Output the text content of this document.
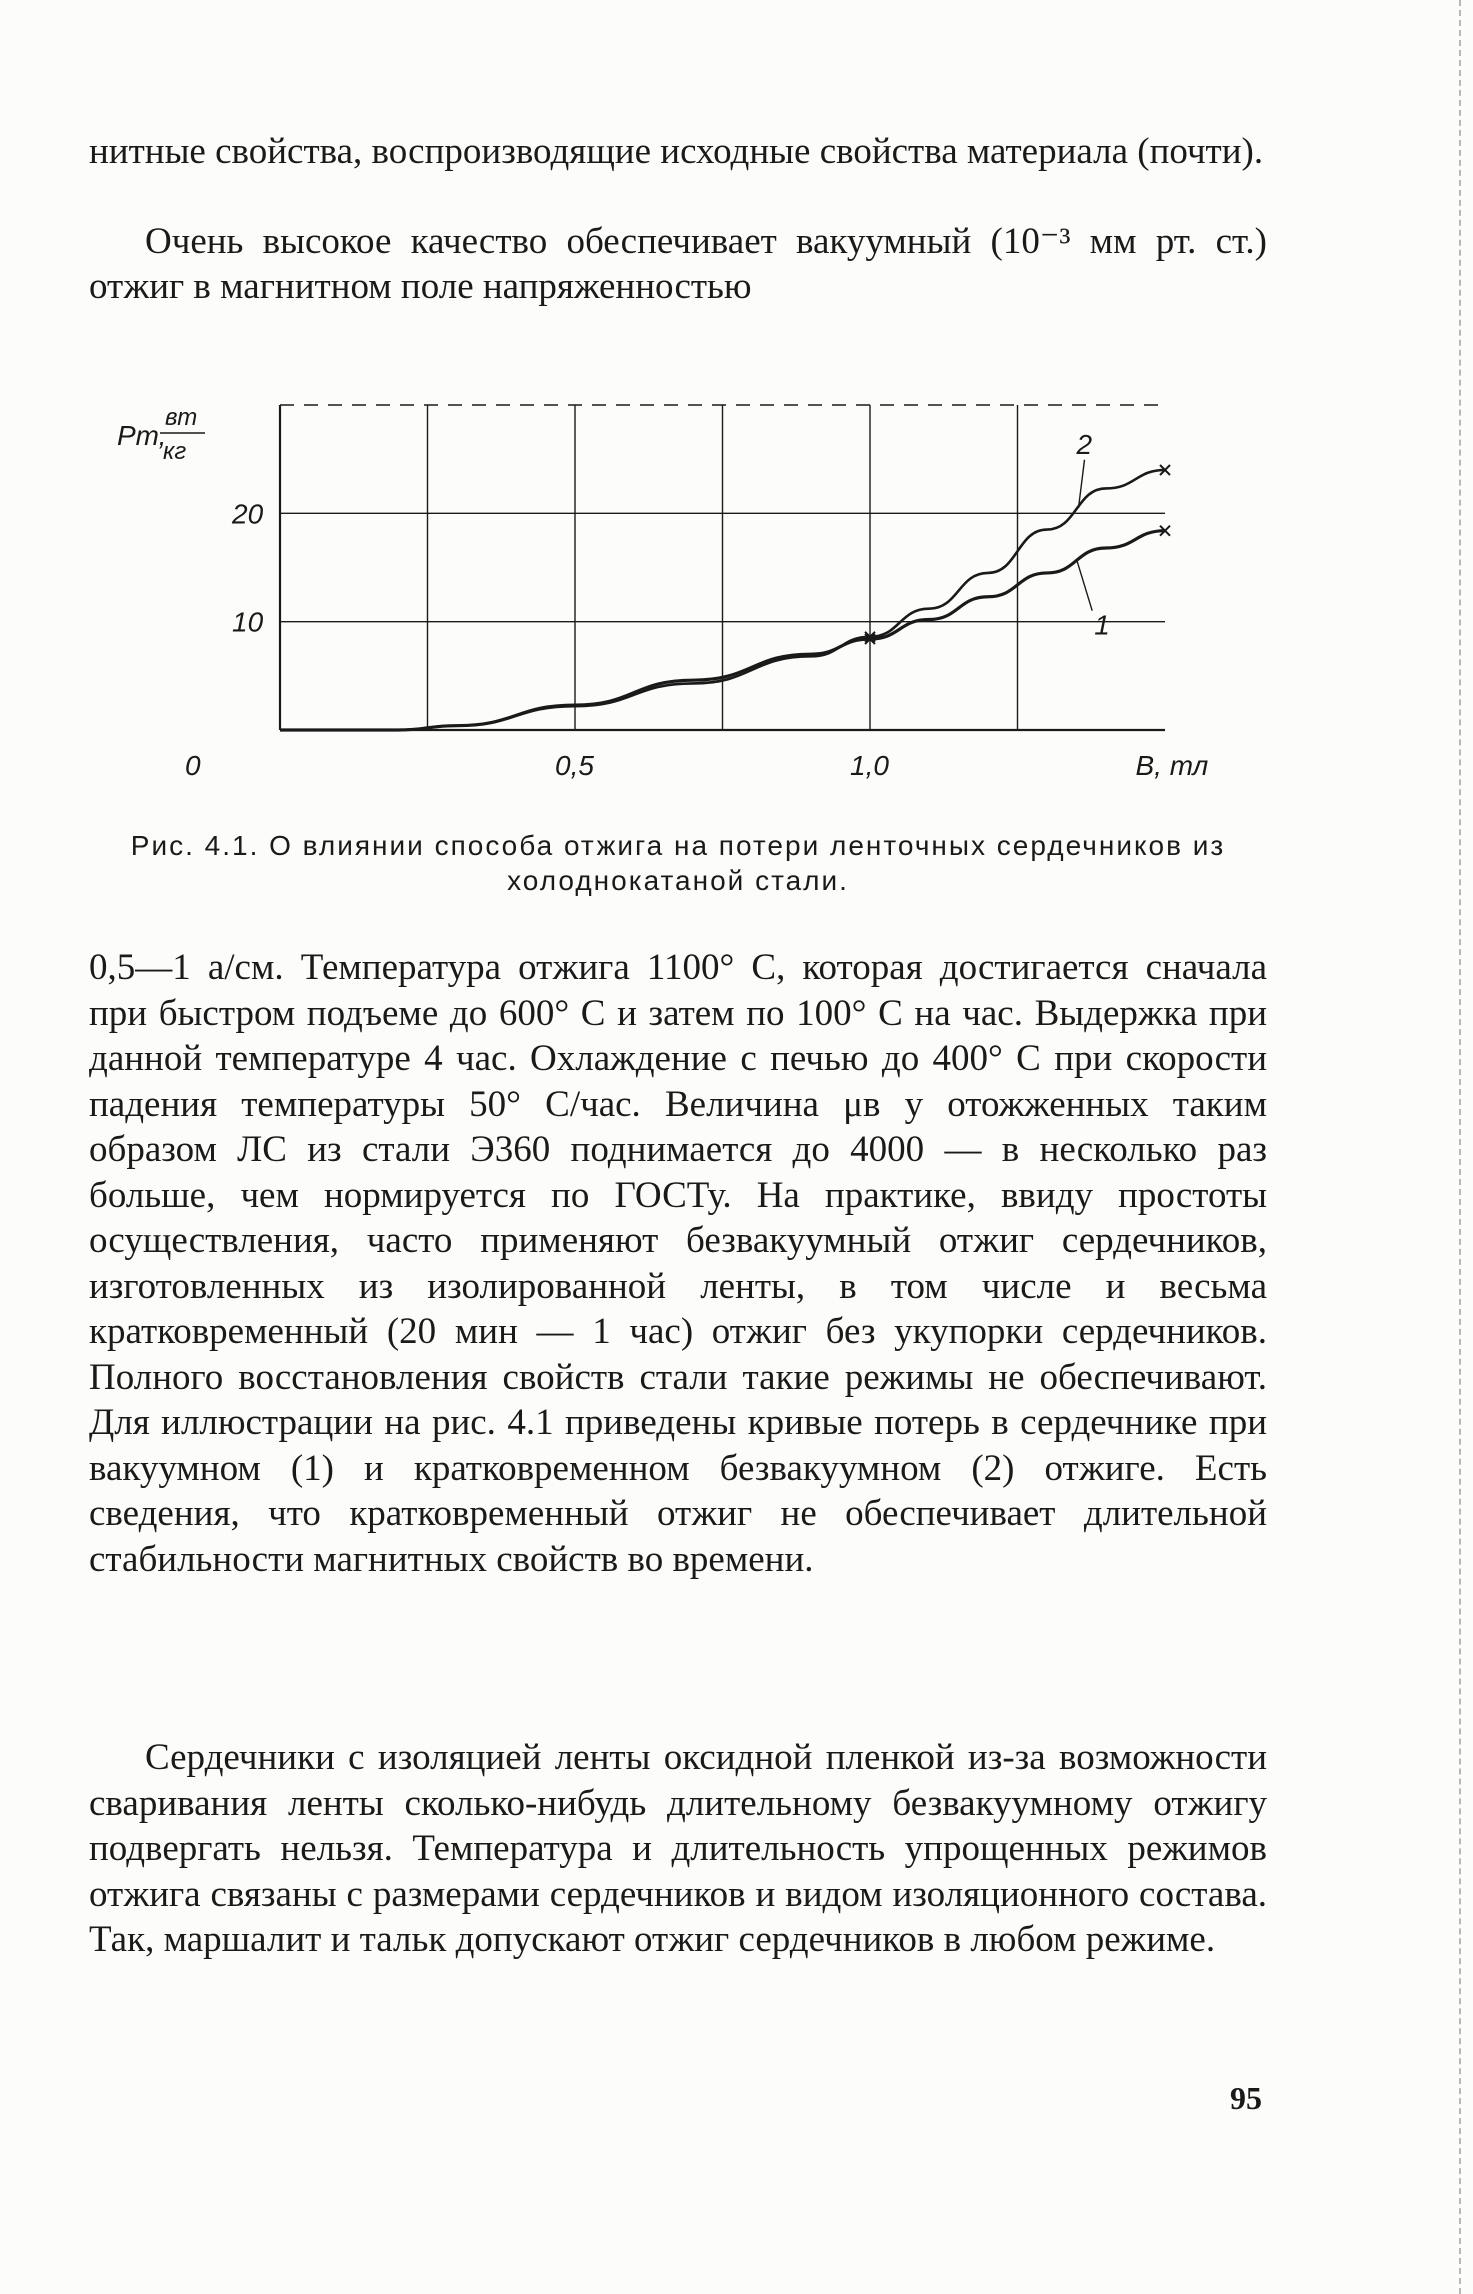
нитные свойства, воспроизводящие исходные свойства материала (почти).

Очень высокое качество обеспечивает вакуумный (10⁻³ мм рт. ст.) отжиг в магнитном поле напряженностью

0	0,5	1,0	B, тл
10
20
Pт,
вт
кг	2
1
Рис. 4.1. О влиянии способа отжига на потери ленточных сердечников из холоднокатаной стали.

0,5—1 а/см. Температура отжига 1100° С, которая достигается сначала при быстром подъеме до 600° С и затем по 100° С на час. Выдержка при данной температуре 4 час. Охлаждение с печью до 400° С при скорости падения температуры 50° С/час. Величина μв у отожженных таким образом ЛС из стали Э360 поднимается до 4000 — в несколько раз больше, чем нормируется по ГОСТу. На практике, ввиду простоты осуществления, часто применяют безвакуумный отжиг сердечников, изготовленных из изолированной ленты, в том числе и весьма кратковременный (20 мин — 1 час) отжиг без укупорки сердечников. Полного восстановления свойств стали такие режимы не обеспечивают. Для иллюстрации на рис. 4.1 приведены кривые потерь в сердечнике при вакуумном (1) и кратковременном безвакуумном (2) отжиге. Есть сведения, что кратковременный отжиг не обеспечивает длительной стабильности магнитных свойств во времени.

Сердечники с изоляцией ленты оксидной пленкой из-за возможности сваривания ленты сколько-нибудь длительному безвакуумному отжигу подвергать нельзя. Температура и длительность упрощенных режимов отжига связаны с размерами сердечников и видом изоляционного состава. Так, маршалит и тальк допускают отжиг сердечников в любом режиме.

95
